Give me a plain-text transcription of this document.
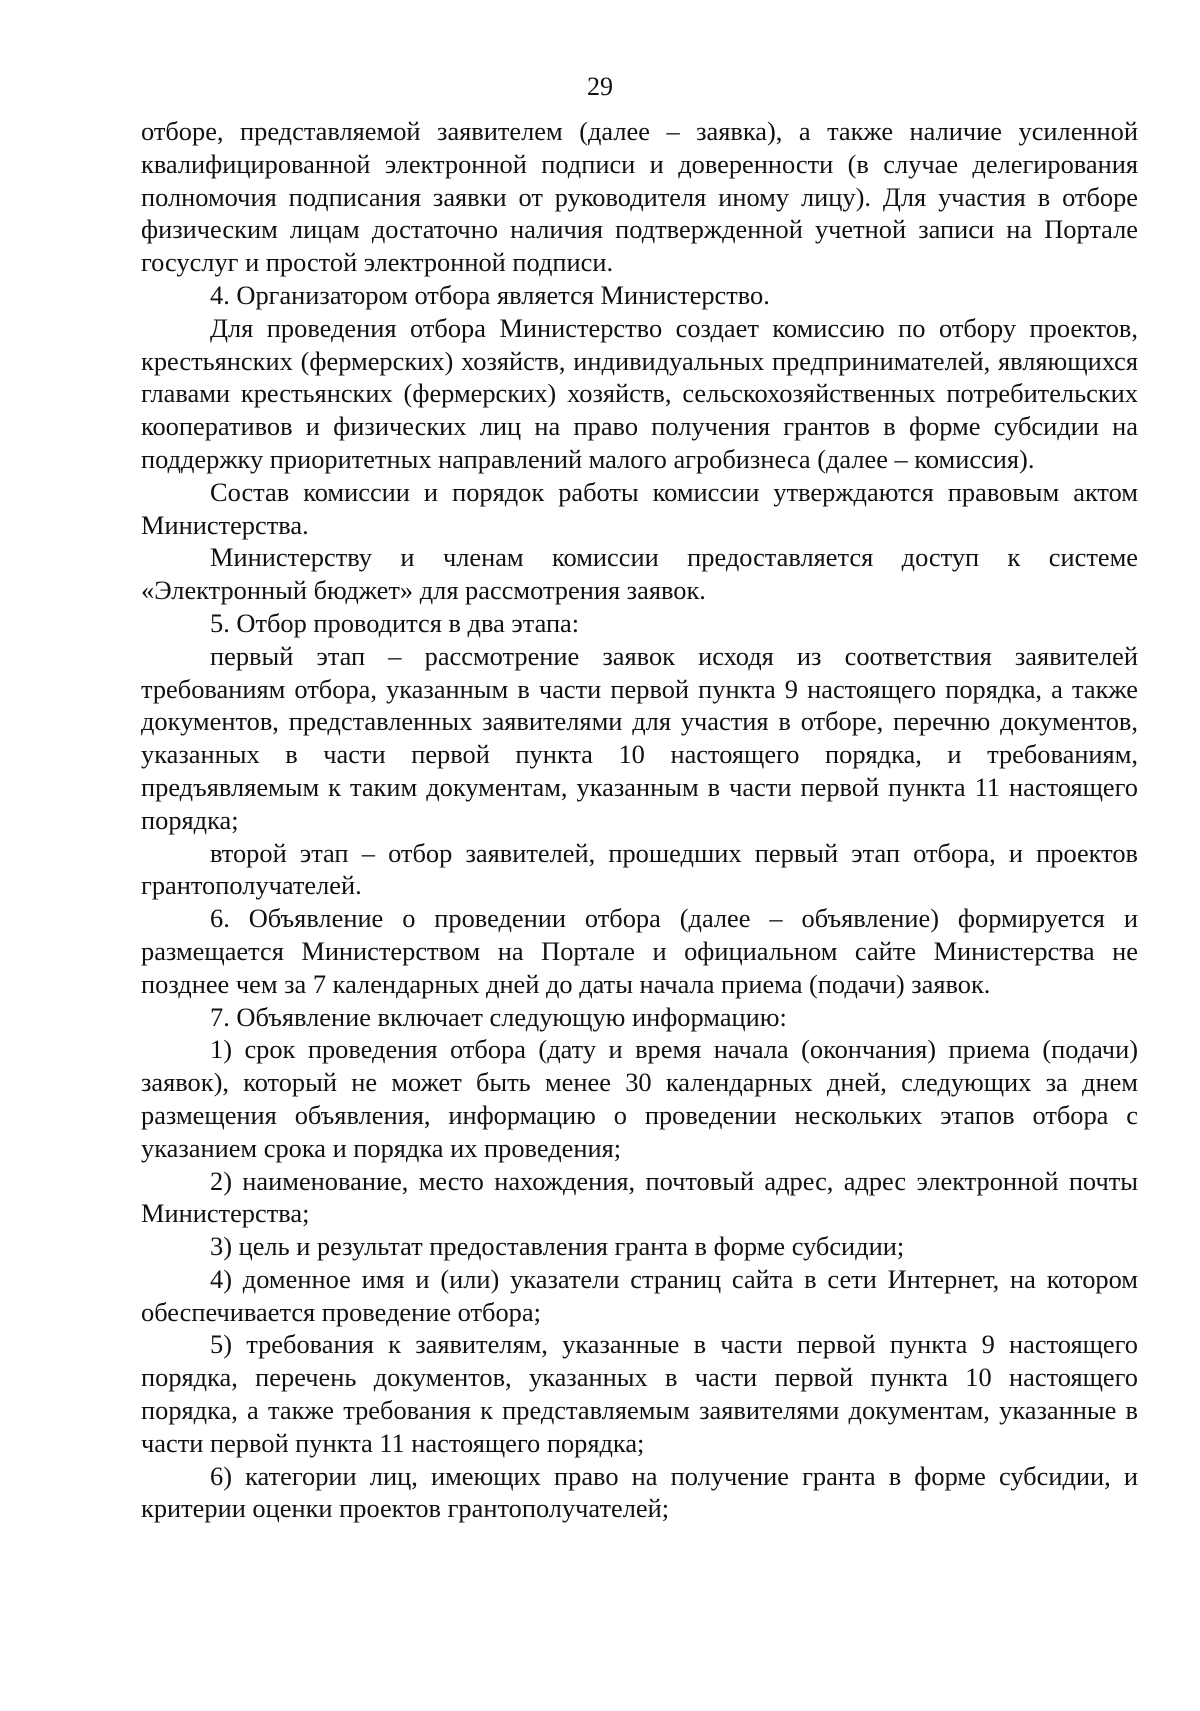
29

отборе, представляемой заявителем (далее – заявка), а также наличие усиленной квалифицированной электронной подписи и доверенности (в случае делегирования полномочия подписания заявки от руководителя иному лицу). Для участия в отборе физическим лицам достаточно наличия подтвержденной учетной записи на Портале госуслуг и простой электронной подписи.

4. Организатором отбора является Министерство.

Для проведения отбора Министерство создает комиссию по отбору проектов, крестьянских (фермерских) хозяйств, индивидуальных предпринимателей, являющихся главами крестьянских (фермерских) хозяйств, сельскохозяйственных потребительских кооперативов и физических лиц на право получения грантов в форме субсидии на поддержку приоритетных направлений малого агробизнеса (далее – комиссия).

Состав комиссии и порядок работы комиссии утверждаются правовым актом Министерства.

Министерству и членам комиссии предоставляется доступ к системе «Электронный бюджет» для рассмотрения заявок.

5. Отбор проводится в два этапа:

первый этап – рассмотрение заявок исходя из соответствия заявителей требованиям отбора, указанным в части первой пункта 9 настоящего порядка, а также документов, представленных заявителями для участия в отборе, перечню документов, указанных в части первой пункта 10 настоящего порядка, и требованиям, предъявляемым к таким документам, указанным в части первой пункта 11 настоящего порядка;

второй этап – отбор заявителей, прошедших первый этап отбора, и проектов грантополучателей.

6. Объявление о проведении отбора (далее – объявление) формируется и размещается Министерством на Портале и официальном сайте Министерства не позднее чем за 7 календарных дней до даты начала приема (подачи) заявок.

7. Объявление включает следующую информацию:

1) срок проведения отбора (дату и время начала (окончания) приема (подачи) заявок), который не может быть менее 30 календарных дней, следующих за днем размещения объявления, информацию о проведении нескольких этапов отбора с указанием срока и порядка их проведения;

2) наименование, место нахождения, почтовый адрес, адрес электронной почты Министерства;

3) цель и результат предоставления гранта в форме субсидии;

4) доменное имя и (или) указатели страниц сайта в сети Интернет, на котором обеспечивается проведение отбора;

5) требования к заявителям, указанные в части первой пункта 9 настоящего порядка, перечень документов, указанных в части первой пункта 10 настоящего порядка, а также требования к представляемым заявителями документам, указанные в части первой пункта 11 настоящего порядка;

6) категории лиц, имеющих право на получение гранта в форме субсидии, и критерии оценки проектов грантополучателей;
